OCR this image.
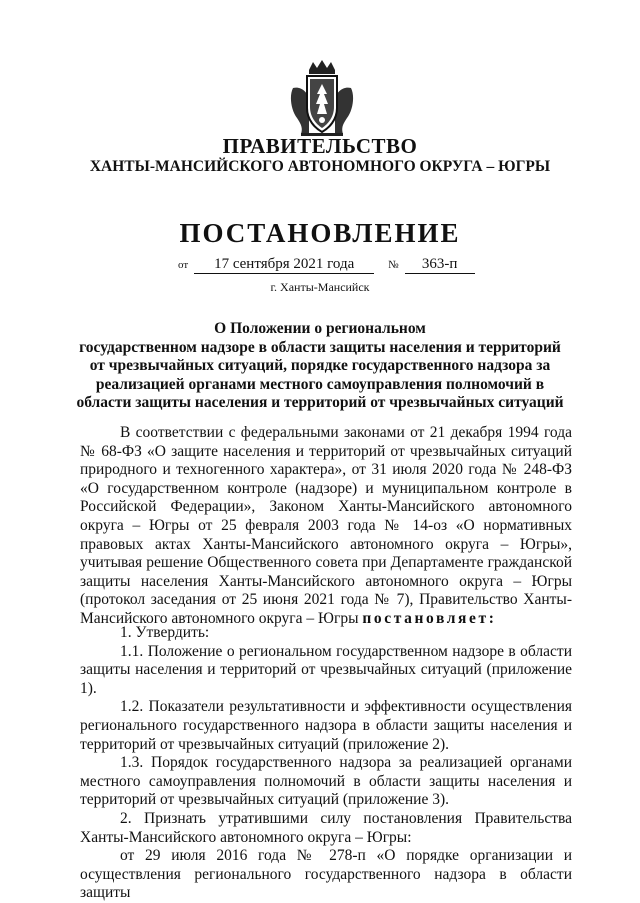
ПРАВИТЕЛЬСТВО
ХАНТЫ-МАНСИЙСКОГО АВТОНОМНОГО ОКРУГА – ЮГРЫ
ПОСТАНОВЛЕНИЕ
от 17 сентября 2021 года	№ 363-п
г. Ханты-Мансийск
О Положении о региональном
государственном надзоре в области защиты населения и территорий
от чрезвычайных ситуаций, порядке государственного надзора за
реализацией органами местного самоуправления полномочий в
области защиты населения и территорий от чрезвычайных ситуаций

В соответствии с федеральными законами от 21 декабря 1994 года № 68-ФЗ «О защите населения и территорий от чрезвычайных ситуаций природного и техногенного характера», от 31 июля 2020 года № 248-ФЗ «О государственном контроле (надзоре) и муниципальном контроле в Российской Федерации», Законом Ханты-Мансийского автономного округа – Югры от 25 февраля 2003 года № 14-оз «О нормативных правовых актах Ханты-Мансийского автономного округа – Югры», учитывая решение Общественного совета при Департаменте гражданской защиты населения Ханты-Мансийского автономного округа – Югры (протокол заседания от 25 июня 2021 года № 7), Правительство Ханты-Мансийского автономного округа – Югры постановляет:

1. Утвердить:

1.1. Положение о региональном государственном надзоре в области защиты населения и территорий от чрезвычайных ситуаций (приложение 1).

1.2. Показатели результативности и эффективности осуществления регионального государственного надзора в области защиты населения и территорий от чрезвычайных ситуаций (приложение 2).

1.3. Порядок государственного надзора за реализацией органами местного самоуправления полномочий в области защиты населения и территорий от чрезвычайных ситуаций (приложение 3).

2. Признать утратившими силу постановления Правительства Ханты-Мансийского автономного округа – Югры:

от 29 июля 2016 года № 278-п «О порядке организации и осуществления регионального государственного надзора в области защиты
